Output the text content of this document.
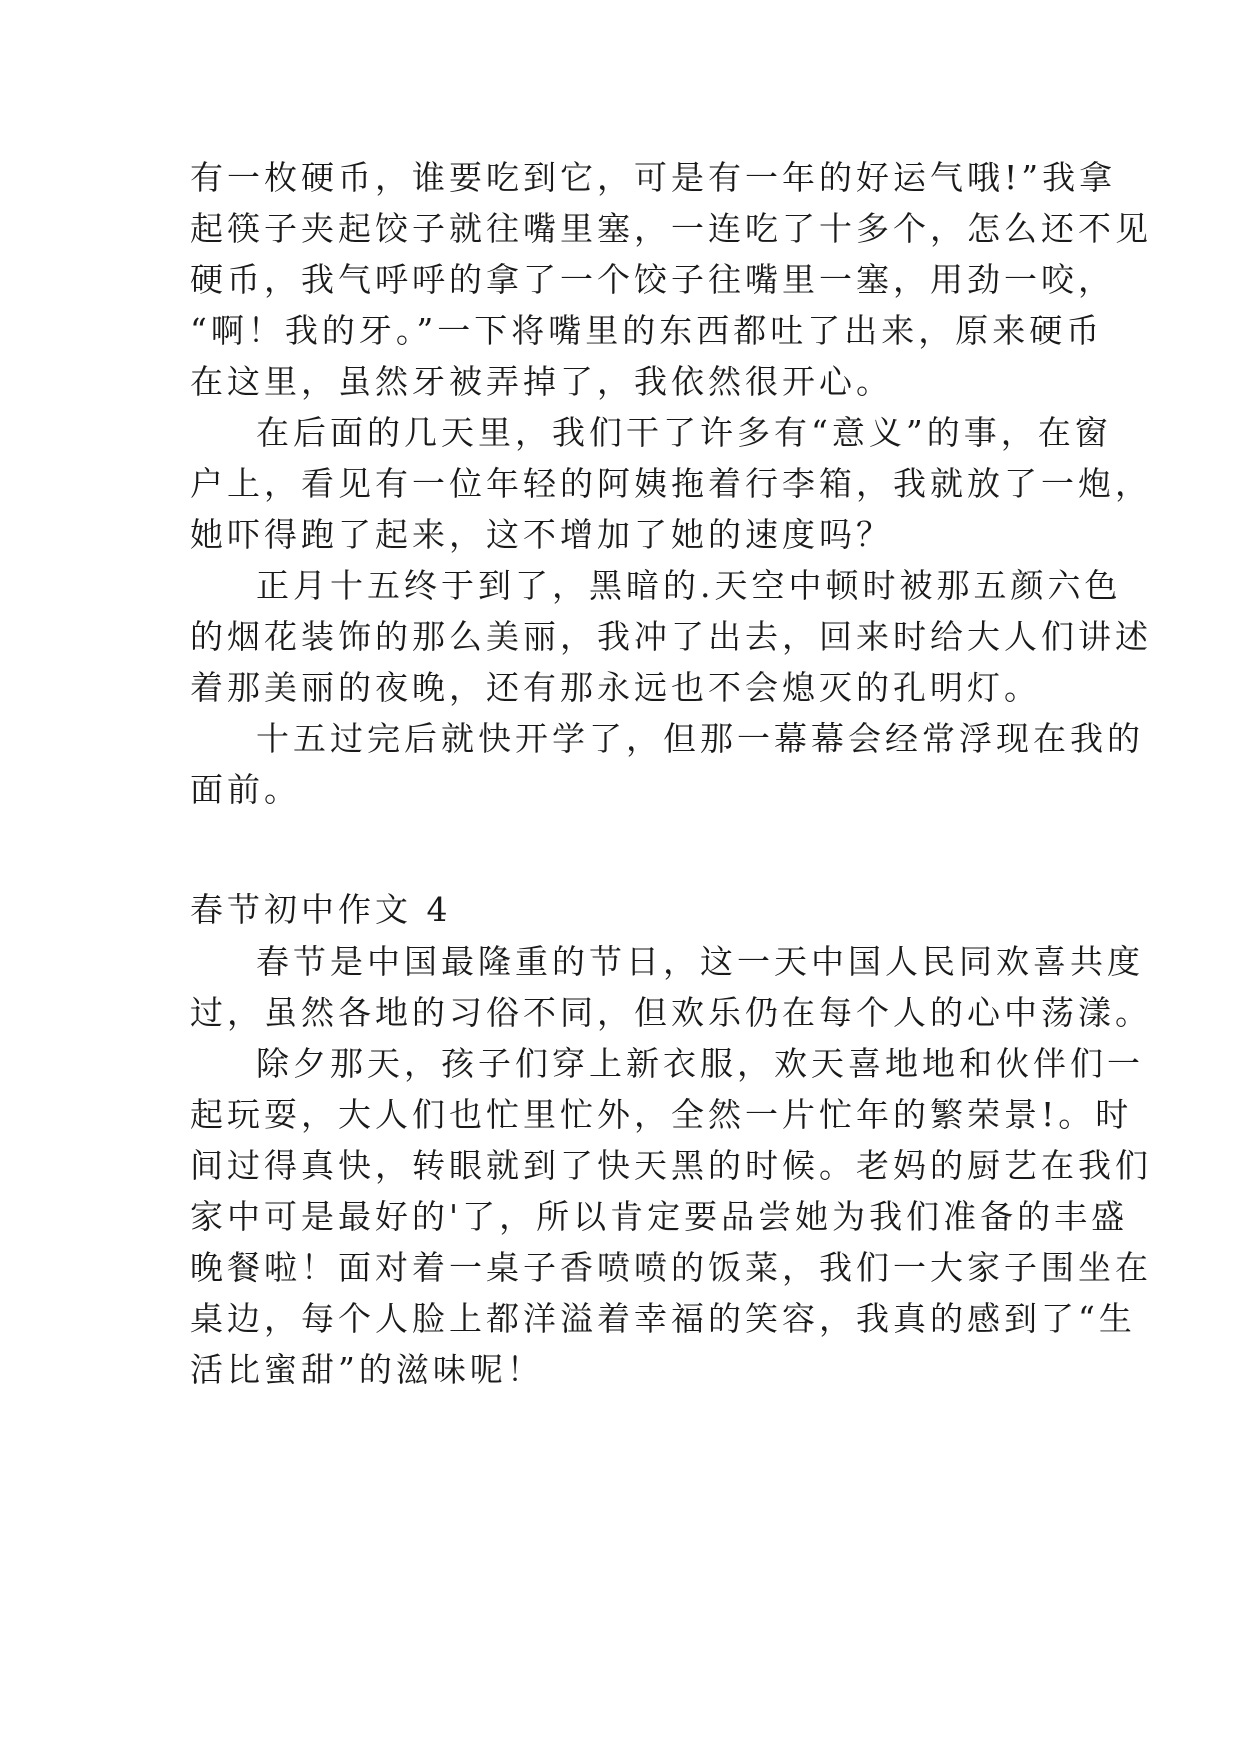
有一枚硬币，谁要吃到它，可是有一年的好运气哦!”我拿
起筷子夹起饺子就往嘴里塞，一连吃了十多个，怎么还不见
硬币，我气呼呼的拿了一个饺子往嘴里一塞，用劲一咬，
“啊！我的牙。”一下将嘴里的东西都吐了出来，原来硬币
在这里，虽然牙被弄掉了，我依然很开心。
在后面的几天里，我们干了许多有“意义”的事，在窗
户上，看见有一位年轻的阿姨拖着行李箱，我就放了一炮，
她吓得跑了起来，这不增加了她的速度吗？
正月十五终于到了，黑暗的.天空中顿时被那五颜六色
的烟花装饰的那么美丽，我冲了出去，回来时给大人们讲述
着那美丽的夜晚，还有那永远也不会熄灭的孔明灯。
十五过完后就快开学了，但那一幕幕会经常浮现在我的
面前。
春节初中作文 4
春节是中国最隆重的节日，这一天中国人民同欢喜共度
过，虽然各地的习俗不同，但欢乐仍在每个人的心中荡漾。
除夕那天，孩子们穿上新衣服，欢天喜地地和伙伴们一
起玩耍，大人们也忙里忙外，全然一片忙年的繁荣景!。时
间过得真快，转眼就到了快天黑的时候。老妈的厨艺在我们
家中可是最好的'了，所以肯定要品尝她为我们准备的丰盛
晚餐啦！面对着一桌子香喷喷的饭菜，我们一大家子围坐在
桌边，每个人脸上都洋溢着幸福的笑容，我真的感到了“生
活比蜜甜”的滋味呢！
